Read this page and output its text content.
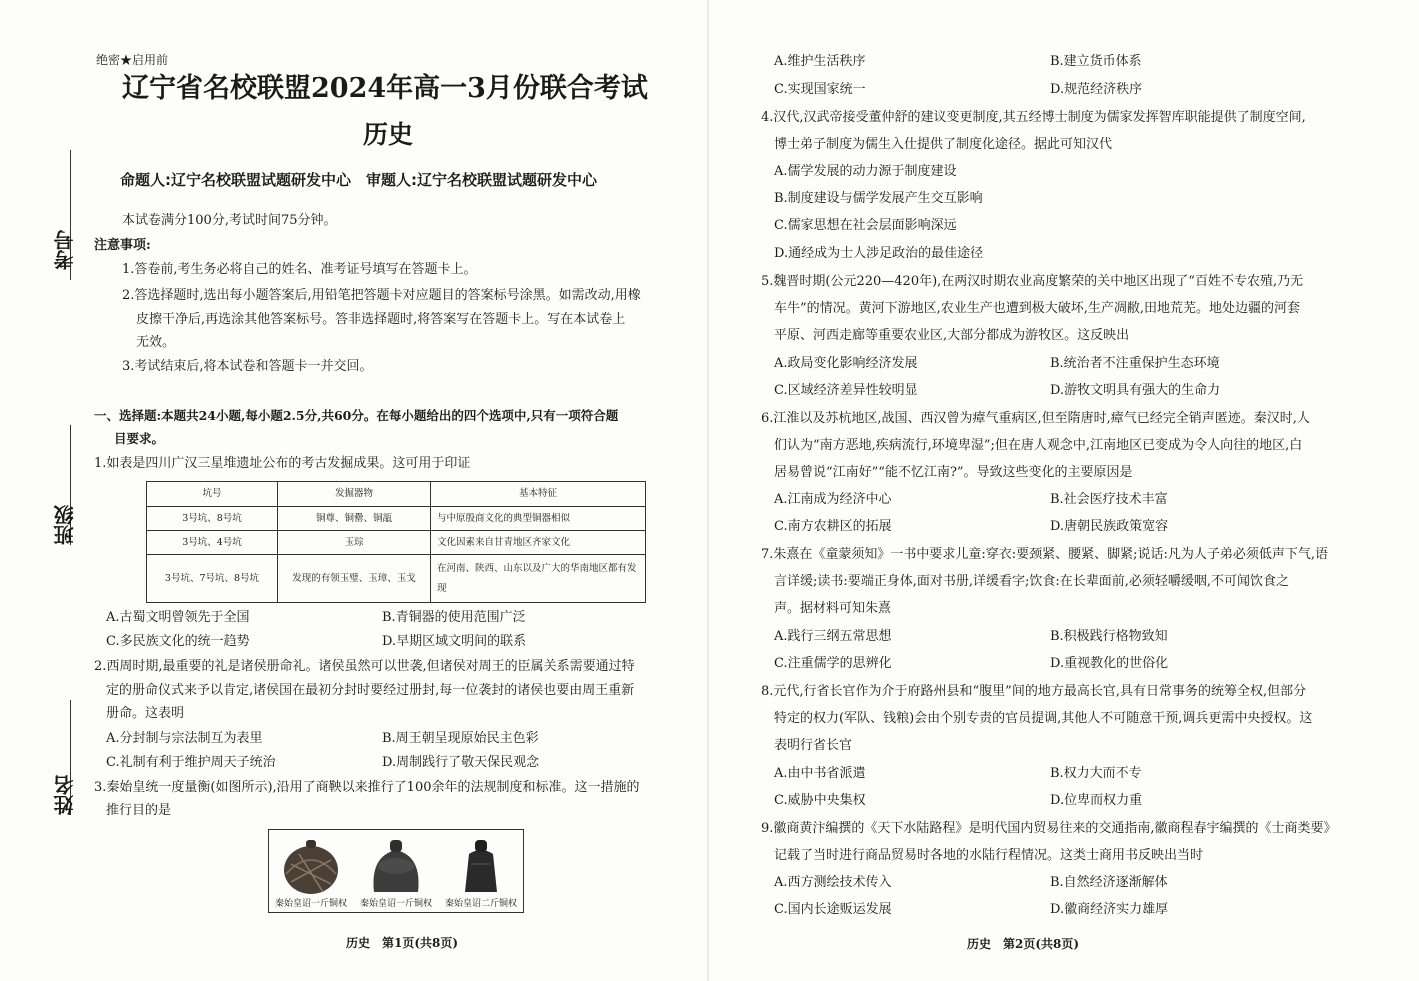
考号
班级
姓名
绝密★启用前
辽宁省名校联盟2024年高一3月份联合考试
历史
命题人:辽宁名校联盟试题研发中心　审题人:辽宁名校联盟试题研发中心
本试卷满分100分,考试时间75分钟。
注意事项:
1.答卷前,考生务必将自己的姓名、准考证号填写在答题卡上。
2.答选择题时,选出每小题答案后,用铅笔把答题卡对应题目的答案标号涂黑。如需改动,用橡
皮擦干净后,再选涂其他答案标号。答非选择题时,将答案写在答题卡上。写在本试卷上
无效。
3.考试结束后,将本试卷和答题卡一并交回。
一、选择题:本题共24小题,每小题2.5分,共60分。在每小题给出的四个选项中,只有一项符合题
目要求。
1.如表是四川广汉三星堆遗址公布的考古发掘成果。这可用于印证
坑号	发掘器物	基本特征
3号坑、8号坑	铜尊、铜罍、铜瓿	与中原殷商文化的典型铜器相似
3号坑、4号坑	玉琮	文化因素来自甘青地区齐家文化
3号坑、7号坑、8号坑	发现的有领玉璧、玉璋、玉戈	在河南、陕西、山东以及广大的华南地区都有发现
A.古蜀文明曾领先于全国	B.青铜器的使用范围广泛
C.多民族文化的统一趋势	D.早期区域文明间的联系
2.西周时期,最重要的礼是诸侯册命礼。诸侯虽然可以世袭,但诸侯对周王的臣属关系需要通过特
定的册命仪式来予以肯定,诸侯国在最初分封时要经过册封,每一位袭封的诸侯也要由周王重新
册命。这表明
A.分封制与宗法制互为表里	B.周王朝呈现原始民主色彩
C.礼制有利于维护周天子统治	D.周制践行了敬天保民观念
3.秦始皇统一度量衡(如图所示),沿用了商鞅以来推行了100余年的法规制度和标准。这一措施的
推行目的是
秦始皇诏一斤铜权	秦始皇诏一斤铜权	秦始皇诏二斤铜权
历史　第1页(共8页)
A.维护生活秩序	B.建立货币体系
C.实现国家统一	D.规范经济秩序
4.汉代,汉武帝接受董仲舒的建议变更制度,其五经博士制度为儒家发挥智库职能提供了制度空间,
博士弟子制度为儒生入仕提供了制度化途径。据此可知汉代
A.儒学发展的动力源于制度建设
B.制度建设与儒学发展产生交互影响
C.儒家思想在社会层面影响深远
D.通经成为士人涉足政治的最佳途径
5.魏晋时期(公元220—420年),在两汉时期农业高度繁荣的关中地区出现了“百姓不专农殖,乃无
车牛”的情况。黄河下游地区,农业生产也遭到极大破坏,生产凋敝,田地荒芜。地处边疆的河套
平原、河西走廊等重要农业区,大部分都成为游牧区。这反映出
A.政局变化影响经济发展	B.统治者不注重保护生态环境
C.区域经济差异性较明显	D.游牧文明具有强大的生命力
6.江淮以及苏杭地区,战国、西汉曾为瘴气重病区,但至隋唐时,瘴气已经完全销声匿迹。秦汉时,人
们认为“南方恶地,疾病流行,环境卑湿”;但在唐人观念中,江南地区已变成为令人向往的地区,白
居易曾说“江南好”“能不忆江南?”。导致这些变化的主要原因是
A.江南成为经济中心	B.社会医疗技术丰富
C.南方农耕区的拓展	D.唐朝民族政策宽容
7.朱熹在《童蒙须知》一书中要求儿童:穿衣:要颈紧、腰紧、脚紧;说话:凡为人子弟必须低声下气,语
言详缓;读书:要端正身体,面对书册,详缓看字;饮食:在长辈面前,必须轻嚼缓咽,不可闻饮食之
声。据材料可知朱熹
A.践行三纲五常思想	B.积极践行格物致知
C.注重儒学的思辨化	D.重视教化的世俗化
8.元代,行省长官作为介于府路州县和“腹里”间的地方最高长官,具有日常事务的统筹全权,但部分
特定的权力(军队、钱粮)会由个别专责的官员提调,其他人不可随意干预,调兵更需中央授权。这
表明行省长官
A.由中书省派遣	B.权力大而不专
C.威胁中央集权	D.位卑而权力重
9.徽商黄汴编撰的《天下水陆路程》是明代国内贸易往来的交通指南,徽商程春宇编撰的《士商类要》
记载了当时进行商品贸易时各地的水陆行程情况。这类士商用书反映出当时
A.西方测绘技术传入	B.自然经济逐渐解体
C.国内长途贩运发展	D.徽商经济实力雄厚
历史　第2页(共8页)
